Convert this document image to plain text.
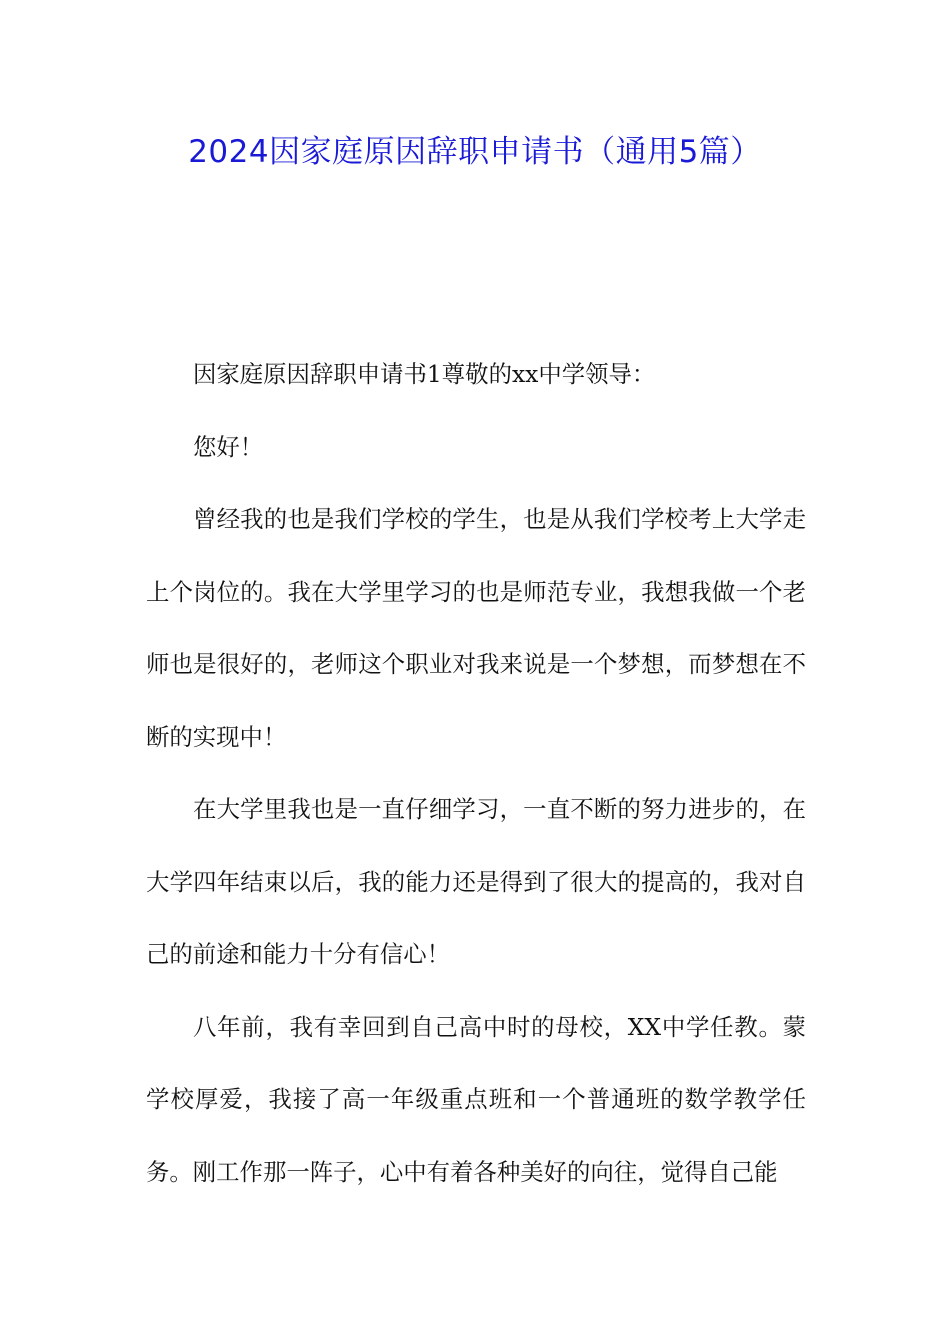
2024因家庭原因辞职申请书（通用5篇）

因家庭原因辞职申请书1尊敬的xx中学领导：

您好！

曾经我的也是我们学校的学生，也是从我们学校考上大学走上个岗位的。我在大学里学习的也是师范专业，我想我做一个老师也是很好的，老师这个职业对我来说是一个梦想，而梦想在不断的实现中！

在大学里我也是一直仔细学习，一直不断的努力进步的，在大学四年结束以后，我的能力还是得到了很大的提高的，我对自己的前途和能力十分有信心！

八年前，我有幸回到自己高中时的母校，XX中学任教。蒙学校厚爱，我接了高一年级重点班和一个普通班的数学教学任务。刚工作那一阵子，心中有着各种美好的向往，觉得自己能
